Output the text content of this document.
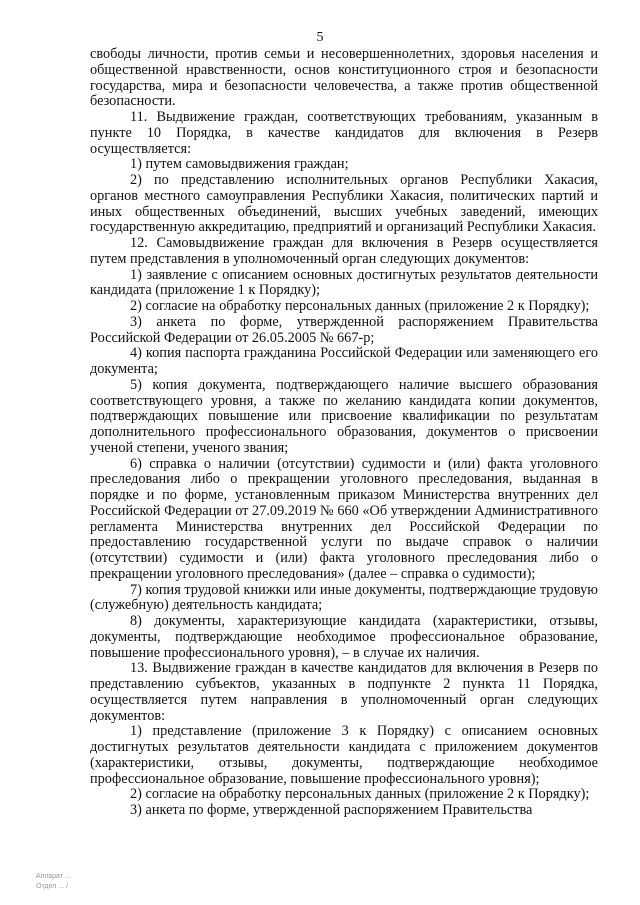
5

свободы личности, против семьи и несовершеннолетних, здоровья населения и общественной нравственности, основ конституционного строя и безопасности государства, мира и безопасности человечества, а также против общественной безопасности.

11. Выдвижение граждан, соответствующих требованиям, указанным в пункте 10 Порядка, в качестве кандидатов для включения в Резерв осуществляется:

1) путем самовыдвижения граждан;

2) по представлению исполнительных органов Республики Хакасия, органов местного самоуправления Республики Хакасия, политических партий и иных общественных объединений, высших учебных заведений, имеющих государственную аккредитацию, предприятий и организаций Республики Хакасия.

12. Самовыдвижение граждан для включения в Резерв осуществляется путем представления в уполномоченный орган следующих документов:

1) заявление с описанием основных достигнутых результатов деятельности кандидата (приложение 1 к Порядку);

2) согласие на обработку персональных данных (приложение 2 к Порядку);

3) анкета по форме, утвержденной распоряжением Правительства Российской Федерации от 26.05.2005 № 667-р;

4) копия паспорта гражданина Российской Федерации или заменяющего его документа;

5) копия документа, подтверждающего наличие высшего образования соответствующего уровня, а также по желанию кандидата копии документов, подтверждающих повышение или присвоение квалификации по результатам дополнительного профессионального образования, документов о присвоении ученой степени, ученого звания;

6) справка о наличии (отсутствии) судимости и (или) факта уголовного преследования либо о прекращении уголовного преследования, выданная в порядке и по форме, установленным приказом Министерства внутренних дел Российской Федерации от 27.09.2019 № 660 «Об утверждении Административного регламента Министерства внутренних дел Российской Федерации по предоставлению государственной услуги по выдаче справок о наличии (отсутствии) судимости и (или) факта уголовного преследования либо о прекращении уголовного преследования» (далее – справка о судимости);

7) копия трудовой книжки или иные документы, подтверждающие трудовую (служебную) деятельность кандидата;

8) документы, характеризующие кандидата (характеристики, отзывы, документы, подтверждающие необходимое профессиональное образование, повышение профессионального уровня), – в случае их наличия.

13. Выдвижение граждан в качестве кандидатов для включения в Резерв по представлению субъектов, указанных в подпункте 2 пункта 11 Порядка, осуществляется путем направления в уполномоченный орган следующих документов:

1) представление (приложение 3 к Порядку) с описанием основных достигнутых результатов деятельности кандидата с приложением документов (характеристики, отзывы, документы, подтверждающие необходимое профессиональное образование, повышение профессионального уровня);

2) согласие на обработку персональных данных (приложение 2 к Порядку);

3) анкета по форме, утвержденной распоряжением Правительства

Аппарат ...
Отдел ... /
